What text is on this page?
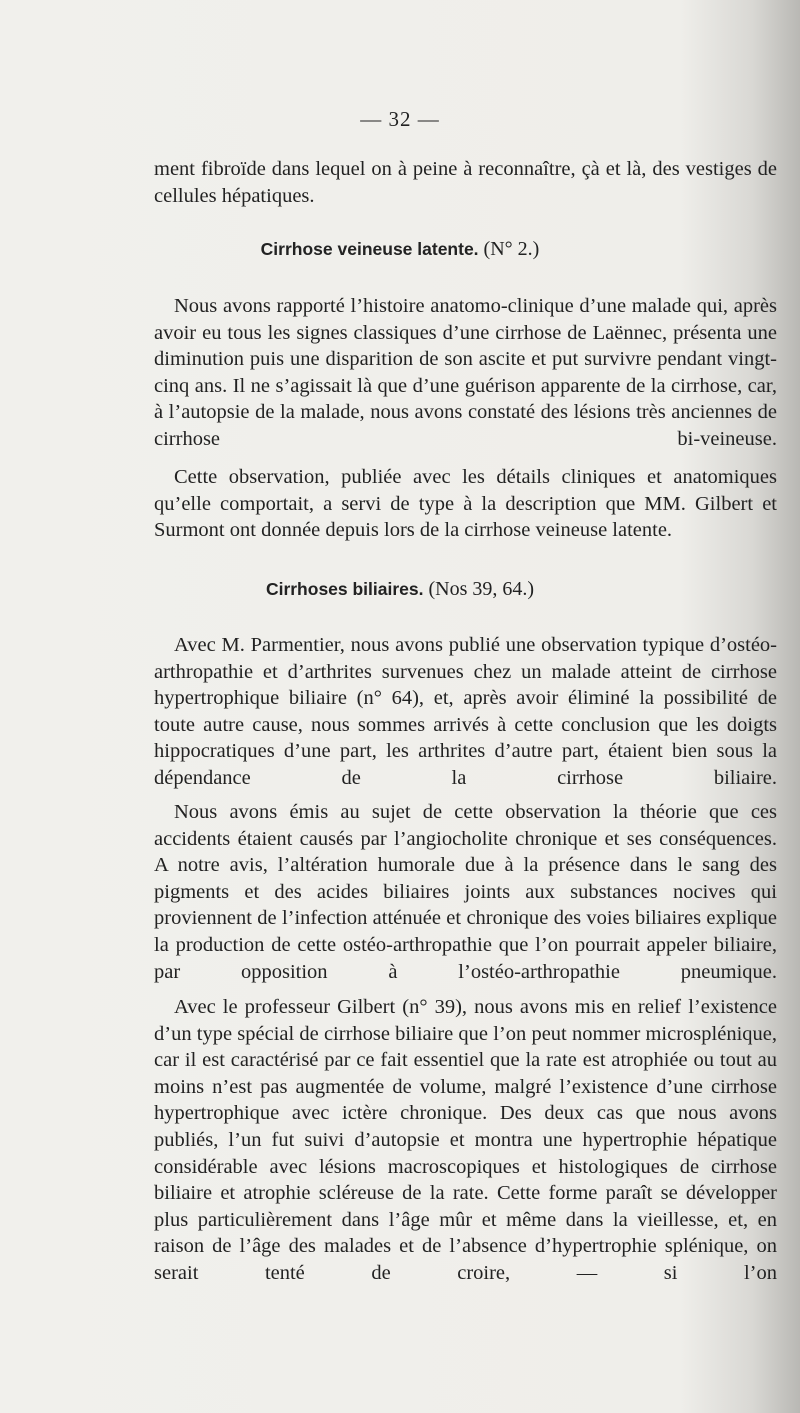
— 32 —

ment fibroïde dans lequel on à peine à reconnaître, çà et là, des vestiges de cellules hépatiques.

Cirrhose veineuse latente. (N° 2.)

Nous avons rapporté l’histoire anatomo-clinique d’une malade qui, après avoir eu tous les signes classiques d’une cirrhose de Laënnec, présenta une diminution puis une disparition de son ascite et put survivre pendant vingt-cinq ans. Il ne s’agissait là que d’une guérison apparente de la cirrhose, car, à l’autopsie de la malade, nous avons constaté des lésions très anciennes de cirrhose bi-veineuse.

Cette observation, publiée avec les détails cliniques et anatomiques qu’elle comportait, a servi de type à la description que MM. Gilbert et Surmont ont donnée depuis lors de la cirrhose veineuse latente.

Cirrhoses biliaires. (Nos 39, 64.)

Avec M. Parmentier, nous avons publié une observation typique d’ostéo-arthropathie et d’arthrites survenues chez un malade atteint de cirrhose hypertrophique biliaire (n° 64), et, après avoir éliminé la possibilité de toute autre cause, nous sommes arrivés à cette conclusion que les doigts hippocratiques d’une part, les arthrites d’autre part, étaient bien sous la dépendance de la cirrhose biliaire.

Nous avons émis au sujet de cette observation la théorie que ces accidents étaient causés par l’angiocholite chronique et ses conséquences. A notre avis, l’altération humorale due à la présence dans le sang des pigments et des acides biliaires joints aux substances nocives qui proviennent de l’infection atténuée et chronique des voies biliaires explique la production de cette ostéo-arthropathie que l’on pourrait appeler biliaire, par opposition à l’ostéo-arthropathie pneumique.

Avec le professeur Gilbert (n° 39), nous avons mis en relief l’existence d’un type spécial de cirrhose biliaire que l’on peut nommer microsplénique, car il est caractérisé par ce fait essentiel que la rate est atrophiée ou tout au moins n’est pas augmentée de volume, malgré l’existence d’une cirrhose hypertrophique avec ictère chronique. Des deux cas que nous avons publiés, l’un fut suivi d’autopsie et montra une hypertrophie hépatique considérable avec lésions macroscopiques et histologiques de cirrhose biliaire et atrophie scléreuse de la rate. Cette forme paraît se développer plus particulièrement dans l’âge mûr et même dans la vieillesse, et, en raison de l’âge des malades et de l’absence d’hypertrophie splénique, on serait tenté de croire, — si l’on
